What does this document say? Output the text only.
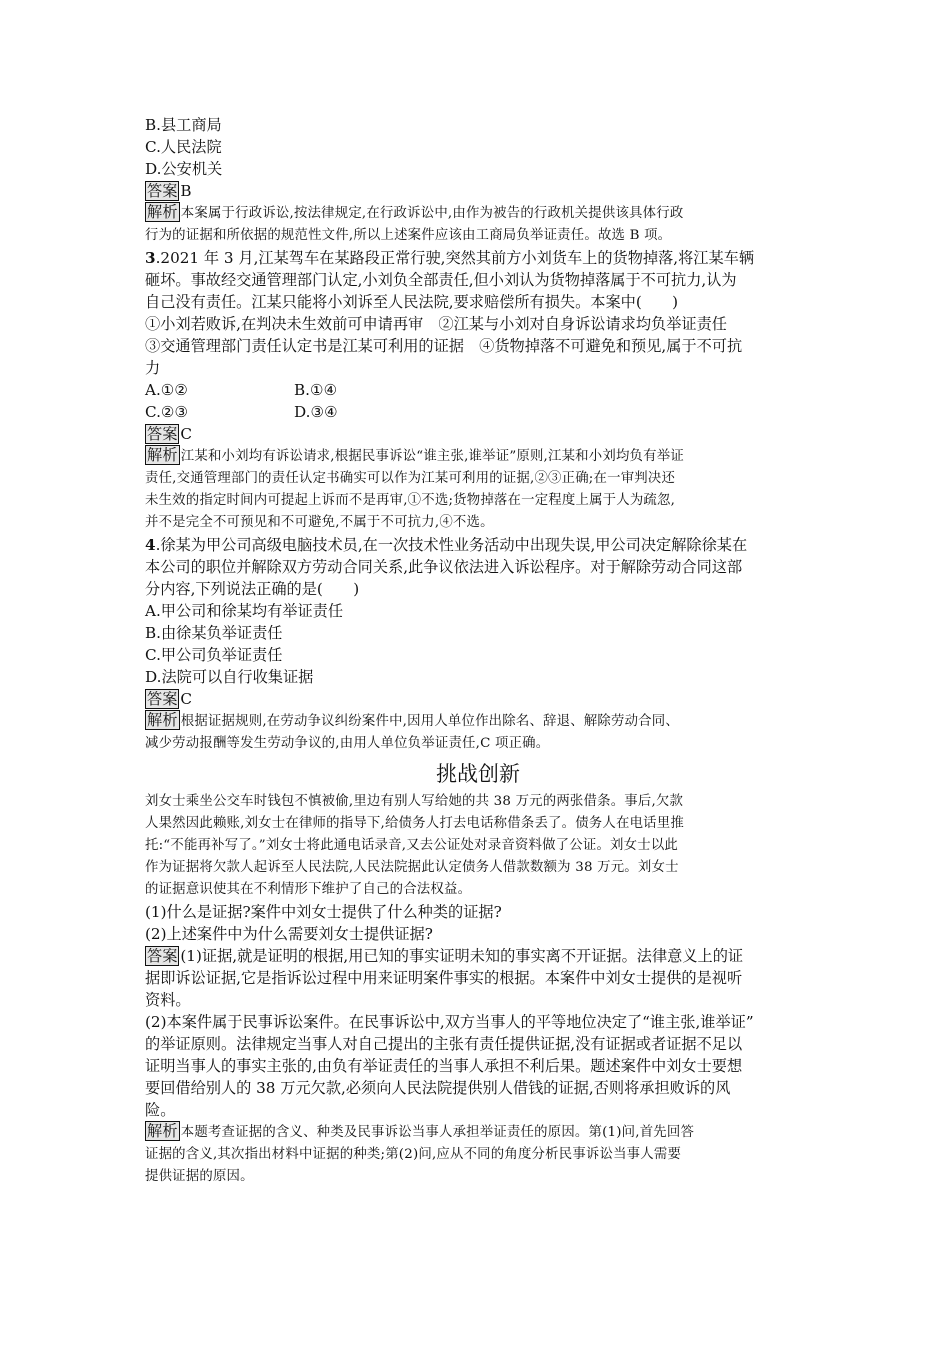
B.县工商局
C.人民法院
D.公安机关
答案 B
解析 本案属于行政诉讼,按法律规定,在行政诉讼中,由作为被告的行政机关提供该具体行政
行为的证据和所依据的规范性文件,所以上述案件应该由工商局负举证责任。故选 B 项。
3.2021 年 3 月,江某驾车在某路段正常行驶,突然其前方小刘货车上的货物掉落,将江某车辆
砸坏。事故经交通管理部门认定,小刘负全部责任,但小刘认为货物掉落属于不可抗力,认为
自己没有责任。江某只能将小刘诉至人民法院,要求赔偿所有损失。本案中(　　)
①小刘若败诉,在判决未生效前可申请再审　②江某与小刘对自身诉讼请求均负举证责任
③交通管理部门责任认定书是江某可利用的证据　④货物掉落不可避免和预见,属于不可抗
力
A.①②	B.①④
C.②③	D.③④
答案 C
解析 江某和小刘均有诉讼请求,根据民事诉讼“谁主张,谁举证”原则,江某和小刘均负有举证
责任,交通管理部门的责任认定书确实可以作为江某可利用的证据,②③正确;在一审判决还
未生效的指定时间内可提起上诉而不是再审,①不选;货物掉落在一定程度上属于人为疏忽,
并不是完全不可预见和不可避免,不属于不可抗力,④不选。
4.徐某为甲公司高级电脑技术员,在一次技术性业务活动中出现失误,甲公司决定解除徐某在
本公司的职位并解除双方劳动合同关系,此争议依法进入诉讼程序。对于解除劳动合同这部
分内容,下列说法正确的是(　　)
A.甲公司和徐某均有举证责任
B.由徐某负举证责任
C.甲公司负举证责任
D.法院可以自行收集证据
答案 C
解析 根据证据规则,在劳动争议纠纷案件中,因用人单位作出除名、辞退、解除劳动合同、
减少劳动报酬等发生劳动争议的,由用人单位负举证责任,C 项正确。
挑战创新
刘女士乘坐公交车时钱包不慎被偷,里边有别人写给她的共 38 万元的两张借条。事后,欠款
人果然因此赖账,刘女士在律师的指导下,给债务人打去电话称借条丢了。债务人在电话里推
托:“不能再补写了。”刘女士将此通电话录音,又去公证处对录音资料做了公证。刘女士以此
作为证据将欠款人起诉至人民法院,人民法院据此认定债务人借款数额为 38 万元。刘女士
的证据意识使其在不利情形下维护了自己的合法权益。
(1)什么是证据?案件中刘女士提供了什么种类的证据?
(2)上述案件中为什么需要刘女士提供证据?
答案 (1)证据,就是证明的根据,用已知的事实证明未知的事实离不开证据。法律意义上的证
据即诉讼证据,它是指诉讼过程中用来证明案件事实的根据。本案件中刘女士提供的是视听
资料。
(2)本案件属于民事诉讼案件。在民事诉讼中,双方当事人的平等地位决定了“谁主张,谁举证”
的举证原则。法律规定当事人对自己提出的主张有责任提供证据,没有证据或者证据不足以
证明当事人的事实主张的,由负有举证责任的当事人承担不利后果。题述案件中刘女士要想
要回借给别人的 38 万元欠款,必须向人民法院提供别人借钱的证据,否则将承担败诉的风
险。
解析 本题考查证据的含义、种类及民事诉讼当事人承担举证责任的原因。第(1)问,首先回答
证据的含义,其次指出材料中证据的种类;第(2)问,应从不同的角度分析民事诉讼当事人需要
提供证据的原因。
